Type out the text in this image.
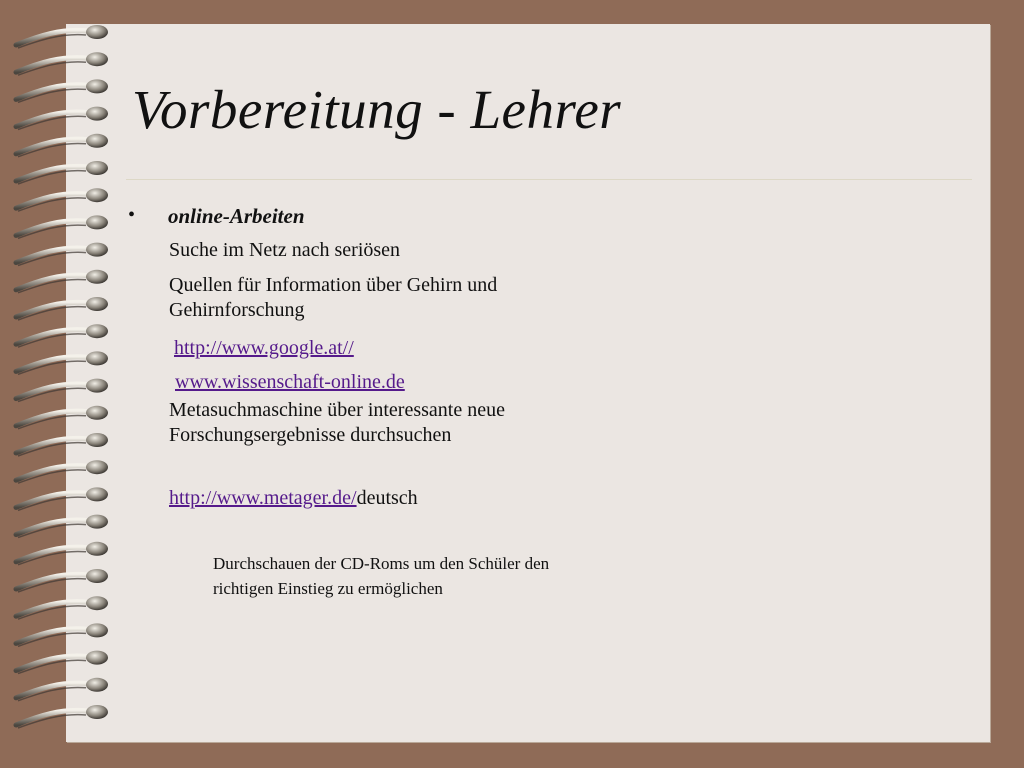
Vorbereitung - Lehrer
• online-Arbeiten
Suche im Netz nach seriösen
Quellen für Information über Gehirn und Gehirnforschung
http://www.google.at//
www.wissenschaft-online.de
Metasuchmaschine über interessante neue Forschungsergebnisse durchsuchen
http://www.metager.de/deutsch
Durchschauen der CD-Roms um den Schüler den richtigen Einstieg zu ermöglichen
